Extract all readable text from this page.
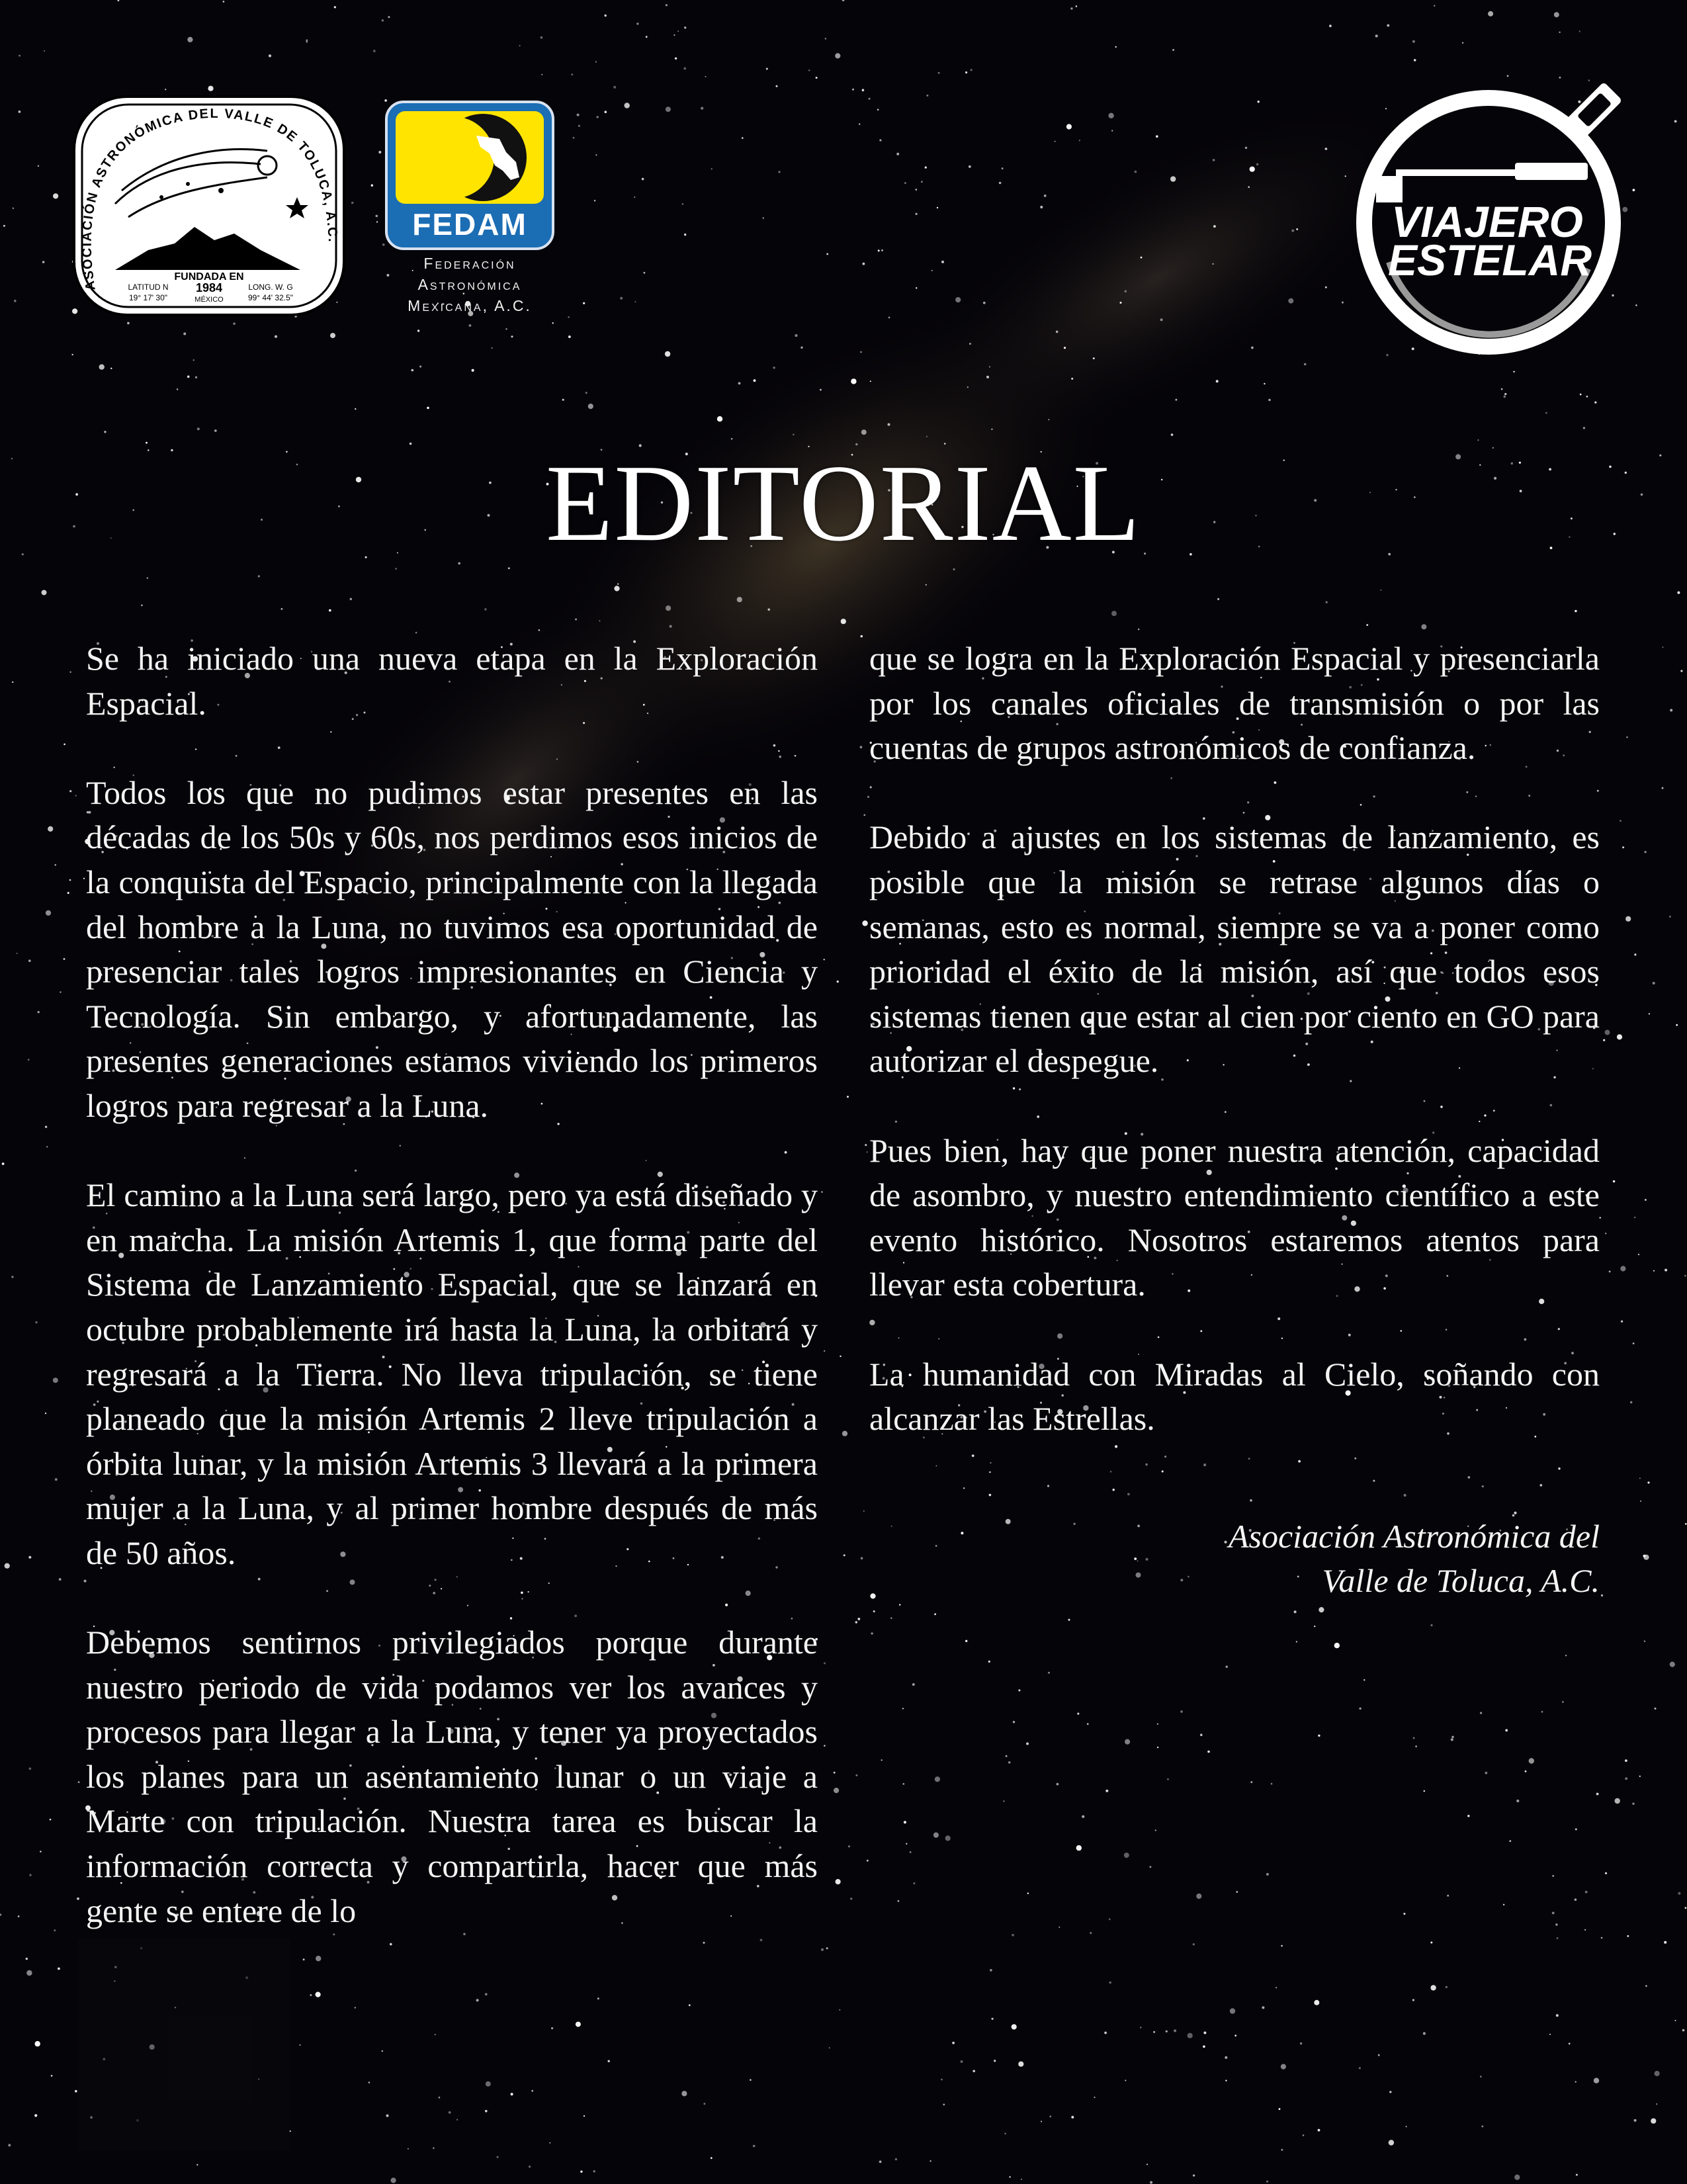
ASOCIACIÓN ASTRONÓMICA DEL VALLE DE TOLUCA, A.C.
FUNDADA EN
1984
MÉXICO
LATITUD N
19° 17' 30"
LONG. W. G
99° 44' 32.5"
FEDAM
Federación
Astronómica
Mexicana, A.C.
VIAJERO
ESTELAR
EDITORIAL

Se ha iniciado una nueva etapa en la Exploración Espacial.

Todos los que no pudimos estar presentes en las décadas de los 50s y 60s, nos perdimos esos inicios de la conquista del Espacio, principalmente con la llegada del hombre a la Luna, no tuvimos esa oportunidad de presenciar tales logros impresionantes en Ciencia y Tecnología. Sin embargo, y afortunadamente, las presentes generaciones estamos viviendo los primeros logros para regresar a la Luna.

El camino a la Luna será largo, pero ya está diseñado y en marcha. La misión Artemis 1, que forma parte del Sistema de Lanzamiento Espacial, que se lanzará en octubre probablemente irá hasta la Luna, la orbitará y regresará a la Tierra. No lleva tripulación, se tiene planeado que la misión Artemis 2 lleve tripulación a órbita lunar, y la misión Artemis 3 llevará a la primera mujer a la Luna, y al primer hombre después de más de 50 años.

Debemos sentirnos privilegiados porque durante nuestro periodo de vida podamos ver los avances y procesos para llegar a la Luna, y tener ya proyectados los planes para un asentamiento lunar o un viaje a Marte con tripulación. Nuestra tarea es buscar la información correcta y compartirla, hacer que más gente se entere de lo

que se logra en la Exploración Espacial y presenciarla por los canales oficiales de transmisión o por las cuentas de grupos astronómicos de confianza.

Debido a ajustes en los sistemas de lanzamiento, es posible que la misión se retrase algunos días o semanas, esto es normal, siempre se va a poner como prioridad el éxito de la misión, así que todos esos sistemas tienen que estar al cien por ciento en GO para autorizar el despegue.

Pues bien, hay que poner nuestra atención, capacidad de asombro, y nuestro entendimiento científico a este evento histórico. Nosotros estaremos atentos para llevar esta cobertura.

La humanidad con Miradas al Cielo, soñando con alcanzar las Estrellas.

Asociación Astronómica del
Valle de Toluca, A.C.
